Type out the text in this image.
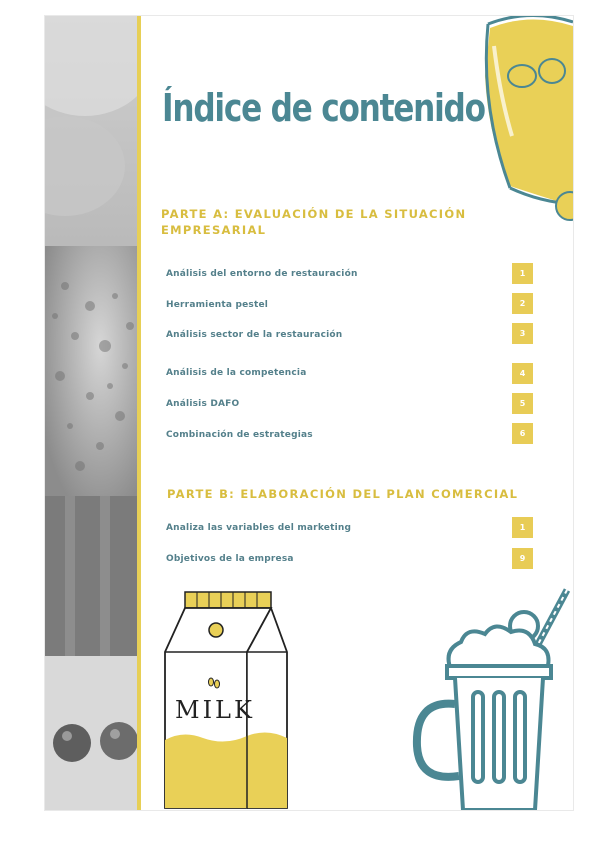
Índice de contenido
PARTE A: EVALUACIÓN DE LA SITUACIÓN
EMPRESARIAL
Análisis del entorno de restauración	1
Herramienta pestel	2
Análisis sector de la restauración	3
Análisis de la competencia	4
Análisis DAFO	5
Combinación de estrategias	6
PARTE B: ELABORACIÓN DEL PLAN COMERCIAL
Analiza las variables del marketing	1
Objetivos de la empresa	9
MILK
